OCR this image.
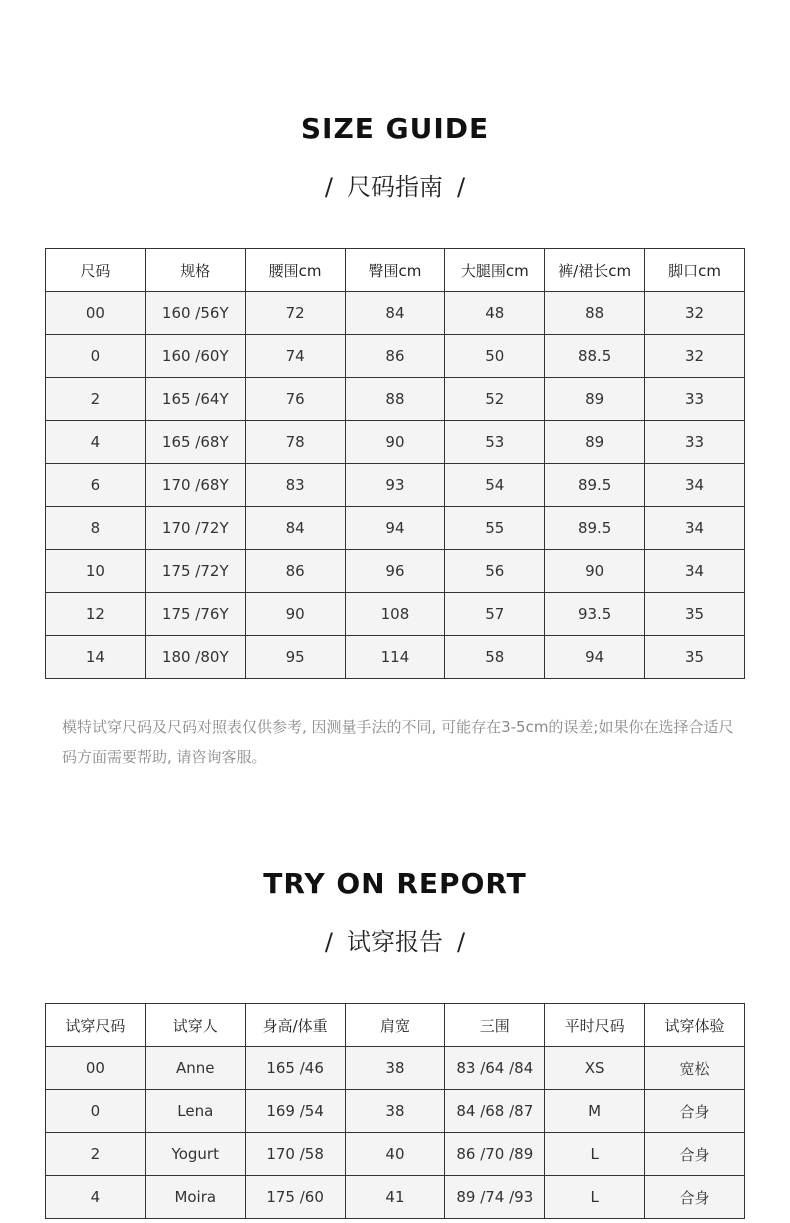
SIZE GUIDE
/ 尺码指南 /
尺码	规格	腰围cm	臀围cm	大腿围cm	裤/裙长cm	脚口cm
00	160 /56Y	72	84	48	88	32
0	160 /60Y	74	86	50	88.5	32
2	165 /64Y	76	88	52	89	33
4	165 /68Y	78	90	53	89	33
6	170 /68Y	83	93	54	89.5	34
8	170 /72Y	84	94	55	89.5	34
10	175 /72Y	86	96	56	90	34
12	175 /76Y	90	108	57	93.5	35
14	180 /80Y	95	114	58	94	35

模特试穿尺码及尺码对照表仅供参考, 因测量手法的不同, 可能存在3-5cm的误差;如果你在选择合适尺码方面需要帮助, 请咨询客服。

TRY ON REPORT
/ 试穿报告 /
试穿尺码	试穿人	身高/体重	肩宽	三围	平时尺码	试穿体验
00	Anne	165 /46	38	83 /64 /84	XS	宽松
0	Lena	169 /54	38	84 /68 /87	M	合身
2	Yogurt	170 /58	40	86 /70 /89	L	合身
4	Moira	175 /60	41	89 /74 /93	L	合身
